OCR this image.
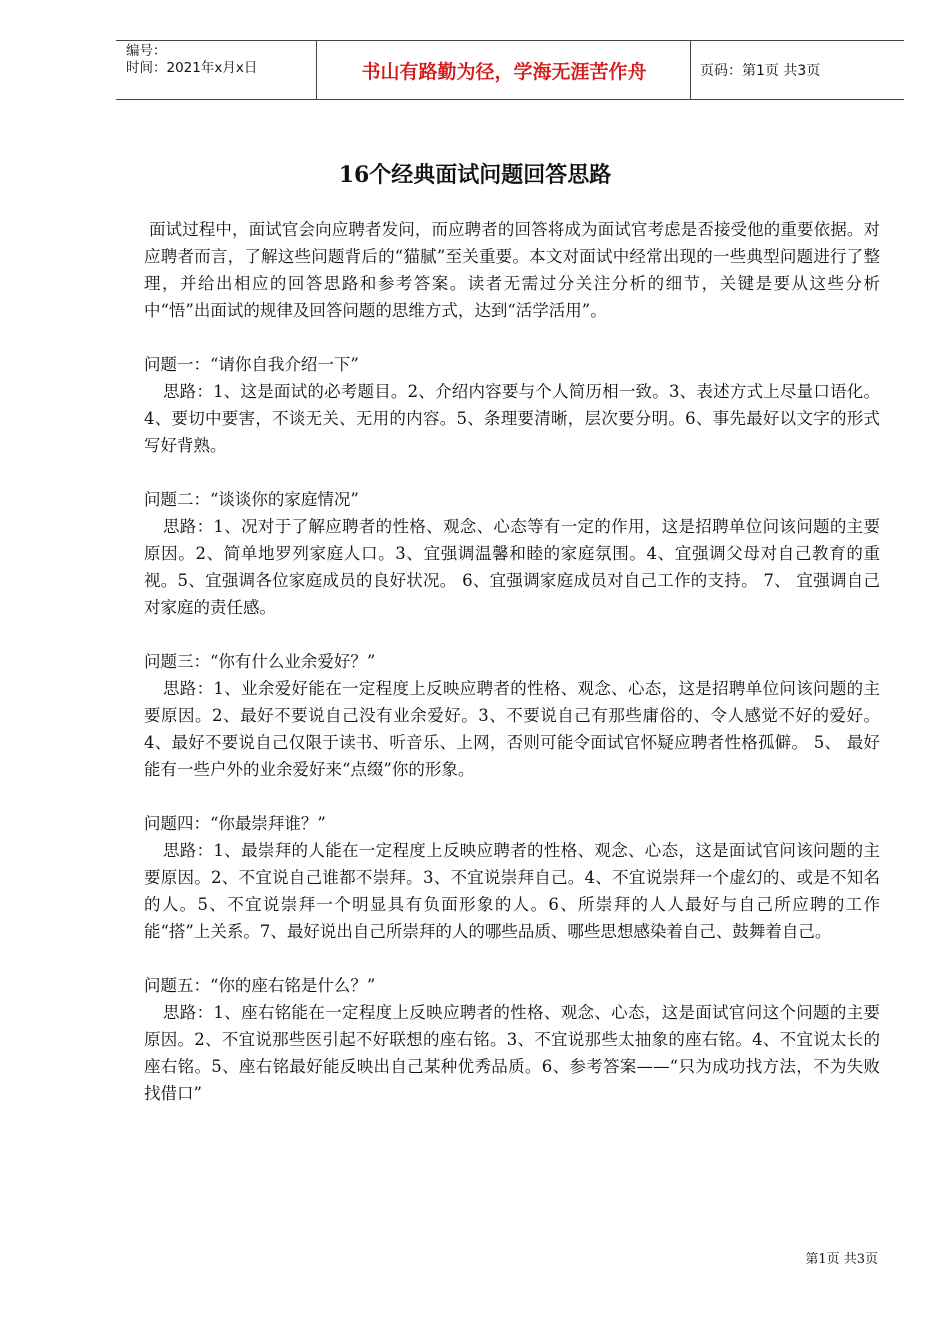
编号：
时间：2021年x月x日	书山有路勤为径，学海无涯苦作舟	页码：第1页 共3页
16个经典面试问题回答思路

面试过程中，面试官会向应聘者发问，而应聘者的回答将成为面试官考虑是否接受他的重要依据。对应聘者而言，了解这些问题背后的“猫腻”至关重要。本文对面试中经常出现的一些典型问题进行了整理，并给出相应的回答思路和参考答案。读者无需过分关注分析的细节，关键是要从这些分析中“悟”出面试的规律及回答问题的思维方式，达到“活学活用”。

问题一：“请你自我介绍一下”

思路：1、这是面试的必考题目。2、介绍内容要与个人简历相一致。3、表述方式上尽量口语化。4、要切中要害，不谈无关、无用的内容。5、条理要清晰，层次要分明。6、事先最好以文字的形式写好背熟。

问题二：“谈谈你的家庭情况”

思路：1、况对于了解应聘者的性格、观念、心态等有一定的作用，这是招聘单位问该问题的主要原因。2、简单地罗列家庭人口。3、宜强调温馨和睦的家庭氛围。4、宜强调父母对自己教育的重视。5、宜强调各位家庭成员的良好状况。 6、宜强调家庭成员对自己工作的支持。 7、 宜强调自己对家庭的责任感。

问题三：“你有什么业余爱好？”

思路：1、业余爱好能在一定程度上反映应聘者的性格、观念、心态，这是招聘单位问该问题的主要原因。2、最好不要说自己没有业余爱好。3、不要说自己有那些庸俗的、令人感觉不好的爱好。4、最好不要说自己仅限于读书、听音乐、上网，否则可能令面试官怀疑应聘者性格孤僻。 5、 最好能有一些户外的业余爱好来“点缀”你的形象。

问题四：“你最崇拜谁？”

思路：1、最崇拜的人能在一定程度上反映应聘者的性格、观念、心态，这是面试官问该问题的主要原因。2、不宜说自己谁都不崇拜。3、不宜说崇拜自己。4、不宜说崇拜一个虚幻的、或是不知名的人。5、不宜说崇拜一个明显具有负面形象的人。6、所崇拜的人人最好与自己所应聘的工作能“搭”上关系。7、最好说出自己所崇拜的人的哪些品质、哪些思想感染着自己、鼓舞着自己。

问题五：“你的座右铭是什么？”

思路：1、座右铭能在一定程度上反映应聘者的性格、观念、心态，这是面试官问这个问题的主要原因。2、不宜说那些医引起不好联想的座右铭。3、不宜说那些太抽象的座右铭。4、不宜说太长的座右铭。5、座右铭最好能反映出自己某种优秀品质。6、参考答案——“只为成功找方法，不为失败找借口”

第1页 共3页
